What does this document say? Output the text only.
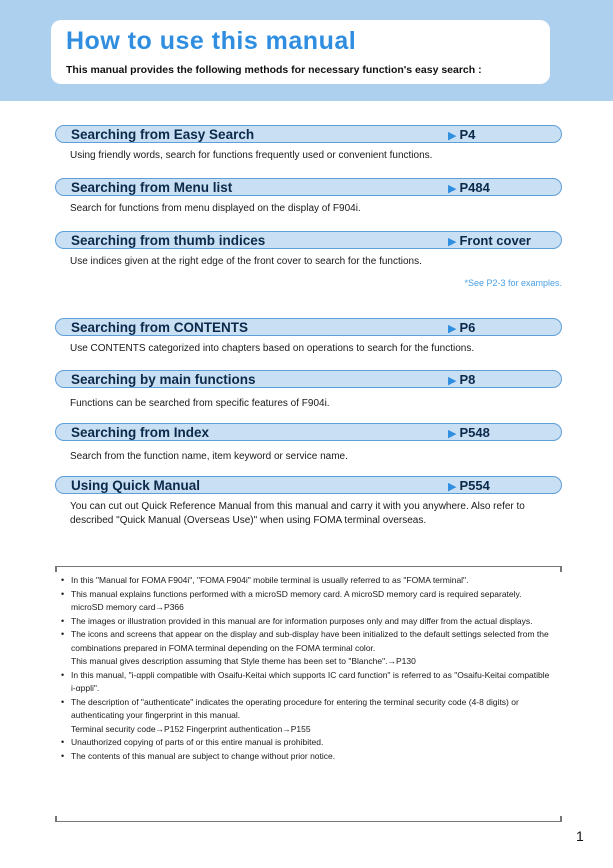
How to use this manual
This manual provides the following methods for necessary function's easy search :
Searching from Easy Search	▶ P4
Using friendly words, search for functions frequently used or convenient functions.
Searching from Menu list	▶ P484
Search for functions from menu displayed on the display of F904i.
Searching from thumb indices	▶ Front cover
Use indices given at the right edge of the front cover to search for the functions.
*See P2-3 for examples.
Searching from CONTENTS	▶ P6
Use CONTENTS categorized into chapters based on operations to search for the functions.
Searching by main functions	▶ P8
Functions can be searched from specific features of F904i.
Searching from Index	▶ P548
Search from the function name, item keyword or service name.
Using Quick Manual	▶ P554
You can cut out Quick Reference Manual from this manual and carry it with you anywhere. Also refer to described "Quick Manual (Overseas Use)" when using FOMA terminal overseas.
• In this "Manual for FOMA F904i", "FOMA F904i" mobile terminal is usually referred to as "FOMA terminal".
• This manual explains functions performed with a microSD memory card. A microSD memory card is required separately.
microSD memory card→P366
• The images or illustration provided in this manual are for information purposes only and may differ from the actual displays.
• The icons and screens that appear on the display and sub-display have been initialized to the default settings selected from the combinations prepared in FOMA terminal depending on the FOMA terminal color.
This manual gives description assuming that Style theme has been set to "Blanche".→P130
• In this manual, "i-αppli compatible with Osaifu-Keitai which supports IC card function" is referred to as "Osaifu-Keitai compatible i-αppli".
• The description of "authenticate" indicates the operating procedure for entering the terminal security code (4-8 digits) or authenticating your fingerprint in this manual.
Terminal security code→P152 Fingerprint authentication→P155
• Unauthorized copying of parts of or this entire manual is prohibited.
• The contents of this manual are subject to change without prior notice.
1
